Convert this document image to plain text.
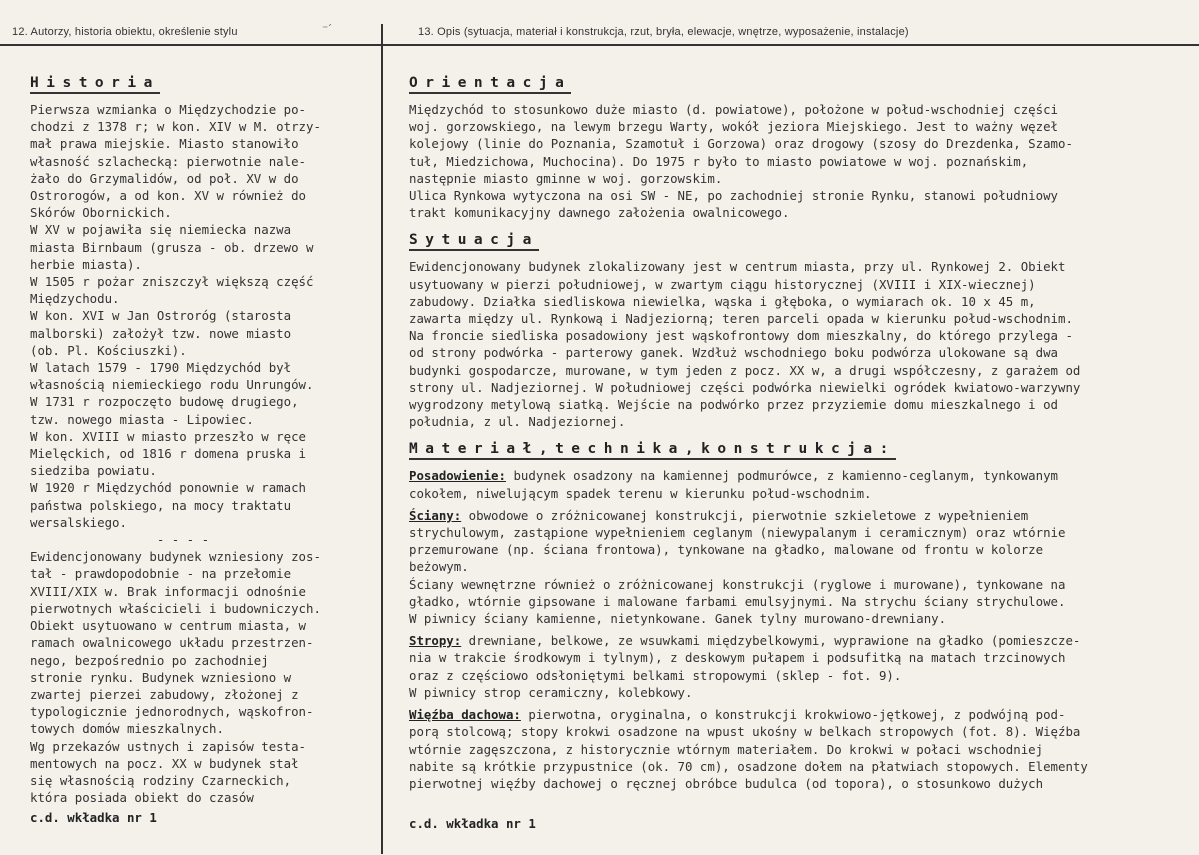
12. Autorzy, historia obiektu, określenie stylu	⁻´	13. Opis (sytuacja, materiał i konstrukcja, rzut, bryła, elewacje, wnętrze, wyposażenie, instalacje)
Historia
Pierwsza wzmianka o Międzychodzie po-
chodzi z 1378 r; w kon. XIV w M. otrzy-
mał prawa miejskie. Miasto stanowiło
własność szlachecką: pierwotnie nale-
żało do Grzymalidów, od poł. XV w do
Ostrorogów, a od kon. XV w również do
Skórów Obornickich.
W XV w pojawiła się niemiecka nazwa
miasta Birnbaum (grusza - ob. drzewo w
herbie miasta).
W 1505 r pożar zniszczył większą część
Międzychodu.
W kon. XVI w Jan Ostroróg (starosta
malborski) założył tzw. nowe miasto
(ob. Pl. Kościuszki).
W latach 1579 - 1790 Międzychód był
własnością niemieckiego rodu Unrungów.
W 1731 r rozpoczęto budowę drugiego,
tzw. nowego miasta - Lipowiec.
W kon. XVIII w miasto przeszło w ręce
Mielęckich, od 1816 r domena pruska i
siedziba powiatu.
W 1920 r Międzychód ponownie w ramach
państwa polskiego, na mocy traktatu
wersalskiego.
- - - -
Ewidencjonowany budynek wzniesiony zos-
tał - prawdopodobnie - na przełomie
XVIII/XIX w. Brak informacji odnośnie
pierwotnych właścicieli i budowniczych.
Obiekt usytuowano w centrum miasta, w
ramach owalnicowego układu przestrzen-
nego, bezpośrednio po zachodniej
stronie rynku. Budynek wzniesiono w
zwartej pierzei zabudowy, złożonej z
typologicznie jednorodnych, wąskofron-
towych domów mieszkalnych.
Wg przekazów ustnych i zapisów testa-
mentowych na pocz. XX w budynek stał
się własnością rodziny Czarneckich,
która posiada obiekt do czasów
c.d. wkładka nr 1
Orientacja
Międzychód to stosunkowo duże miasto (d. powiatowe), położone w połud-wschodniej części
woj. gorzowskiego, na lewym brzegu Warty, wokół jeziora Miejskiego. Jest to ważny węzeł
kolejowy (linie do Poznania, Szamotuł i Gorzowa) oraz drogowy (szosy do Drezdenka, Szamo-
tuł, Miedzichowa, Muchocina). Do 1975 r było to miasto powiatowe w woj. poznańskim,
następnie miasto gminne w woj. gorzowskim.
Ulica Rynkowa wytyczona na osi SW - NE, po zachodniej stronie Rynku, stanowi południowy
trakt komunikacyjny dawnego założenia owalnicowego.
Sytuacja
Ewidencjonowany budynek zlokalizowany jest w centrum miasta, przy ul. Rynkowej 2. Obiekt
usytuowany w pierzi południowej, w zwartym ciągu historycznej (XVIII i XIX-wiecznej)
zabudowy. Działka siedliskowa niewielka, wąska i głęboka, o wymiarach ok. 10 x 45 m,
zawarta między ul. Rynkową i Nadjeziorną; teren parceli opada w kierunku połud-wschodnim.
Na froncie siedliska posadowiony jest wąskofrontowy dom mieszkalny, do którego przylega -
od strony podwórka - parterowy ganek. Wzdłuż wschodniego boku podwórza ulokowane są dwa
budynki gospodarcze, murowane, w tym jeden z pocz. XX w, a drugi współczesny, z garażem od
strony ul. Nadjeziornej. W południowej części podwórka niewielki ogródek kwiatowo-warzywny
wygrodzony metylową siatką. Wejście na podwórko przez przyziemie domu mieszkalnego i od
południa, z ul. Nadjeziornej.
Materiał,technika,konstrukcja:
Posadowienie: budynek osadzony na kamiennej podmurówce, z kamienno-ceglanym, tynkowanym
cokołem, niwelującym spadek terenu w kierunku połud-wschodnim.
Ściany: obwodowe o zróżnicowanej konstrukcji, pierwotnie szkieletowe z wypełnieniem
strychulowym, zastąpione wypełnieniem ceglanym (niewypalanym i ceramicznym) oraz wtórnie
przemurowane (np. ściana frontowa), tynkowane na gładko, malowane od frontu w kolorze
beżowym.
Ściany wewnętrzne również o zróżnicowanej konstrukcji (ryglowe i murowane), tynkowane na
gładko, wtórnie gipsowane i malowane farbami emulsyjnymi. Na strychu ściany strychulowe.
W piwnicy ściany kamienne, nietynkowane. Ganek tylny murowano-drewniany.
Stropy: drewniane, belkowe, ze wsuwkami międzybelkowymi, wyprawione na gładko (pomieszcze-
nia w trakcie środkowym i tylnym), z deskowym pułapem i podsufitką na matach trzcinowych
oraz z częściowo odsłoniętymi belkami stropowymi (sklep - fot. 9).
W piwnicy strop ceramiczny, kolebkowy.
Więźba dachowa: pierwotna, oryginalna, o konstrukcji krokwiowo-jętkowej, z podwójną pod-
porą stolcową; stopy krokwi osadzone na wpust ukośny w belkach stropowych (fot. 8). Więźba
wtórnie zagęszczona, z historycznie wtórnym materiałem. Do krokwi w połaci wschodniej
nabite są krótkie przypustnice (ok. 70 cm), osadzone dołem na płatwiach stopowych. Elementy
pierwotnej więźby dachowej o ręcznej obróbce budulca (od topora), o stosunkowo dużych
c.d. wkładka nr 1
